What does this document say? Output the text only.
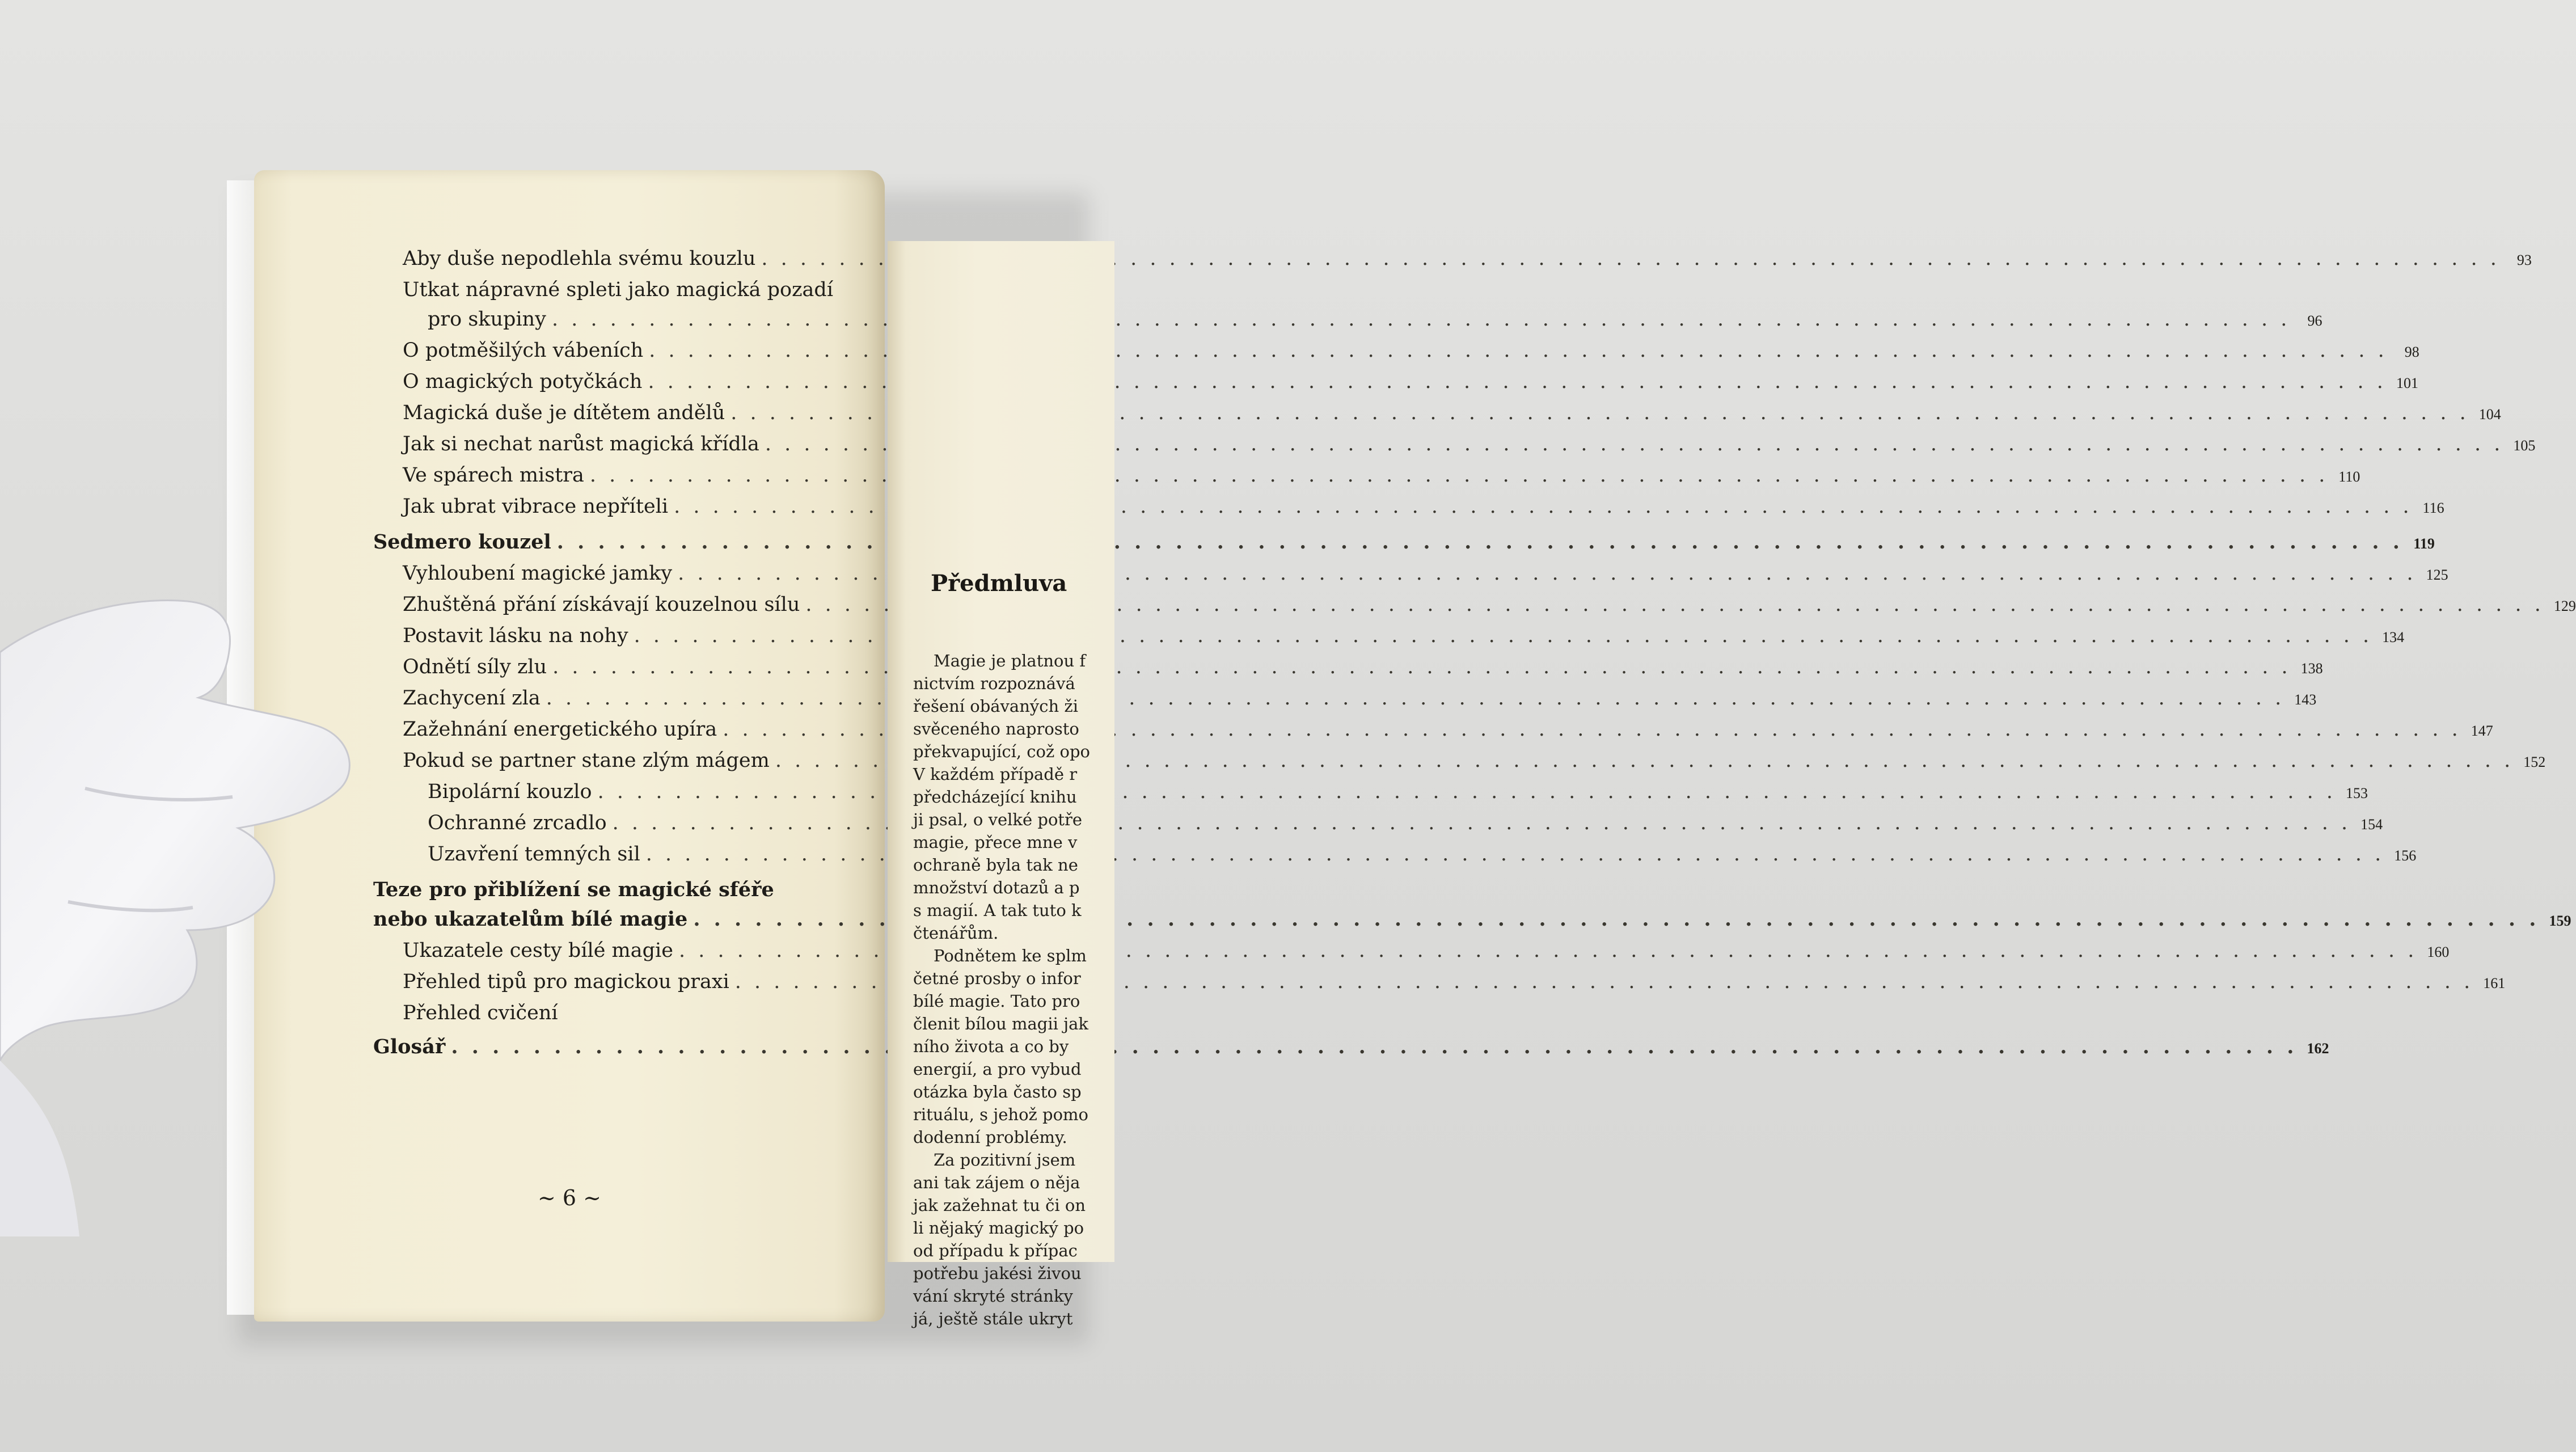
Aby duše nepodlehla svému kouzlu . . .	93
Utkat nápravné spleti jako magická pozadí
pro skupiny . . .	96
O potměšilých vábeních . . .	98
O magických potyčkách . . .	101
Magická duše je dítětem andělů . . .	104
Jak si nechat narůst magická křídla . . .	105
Ve spárech mistra . . .	110
Jak ubrat vibrace nepříteli . . .	116
Sedmero kouzel . . .	119
Vyhloubení magické jamky . . .	125
Zhuštěná přání získávají kouzelnou sílu . . .	129
Postavit lásku na nohy . . .	134
Odnětí síly zlu . . .	138
Zachycení zla . . .	143
Zažehnání energetického upíra . . .	147
Pokud se partner stane zlým mágem . . .	152
Bipolární kouzlo . . .	153
Ochranné zrcadlo . . .	154
Uzavření temných sil . . .	156
Teze pro přiblížení se magické sféře
nebo ukazatelům bílé magie . . .	159
Ukazatele cesty bílé magie . . .	160
Přehled tipů pro magickou praxi . . .	161
Přehled cvičení
Glosář . . .	162
~ 6 ~
Předmluva
Magie je platnou f
nictvím rozpoznává
řešení obávaných ži
svěceného naprosto
překvapující, což opo
V každém případě r
předcházející knihu
ji psal, o velké potře
magie, přece mne v
ochraně byla tak ne
množství dotazů a p
s magií. A tak tuto k
čtenářům.
Podnětem ke splm
četné prosby o infor
bílé magie. Tato pro
členit bílou magii jak
ního života a co by
energií, a pro vybud
otázka byla často sp
rituálu, s jehož pomo
dodenní problémy.
Za pozitivní jsem
ani tak zájem o něja
jak zažehnat tu či on
li nějaký magický po
od případu k přípac
potřebu jakési živou
vání skryté stránky
já, ještě stále ukryt
